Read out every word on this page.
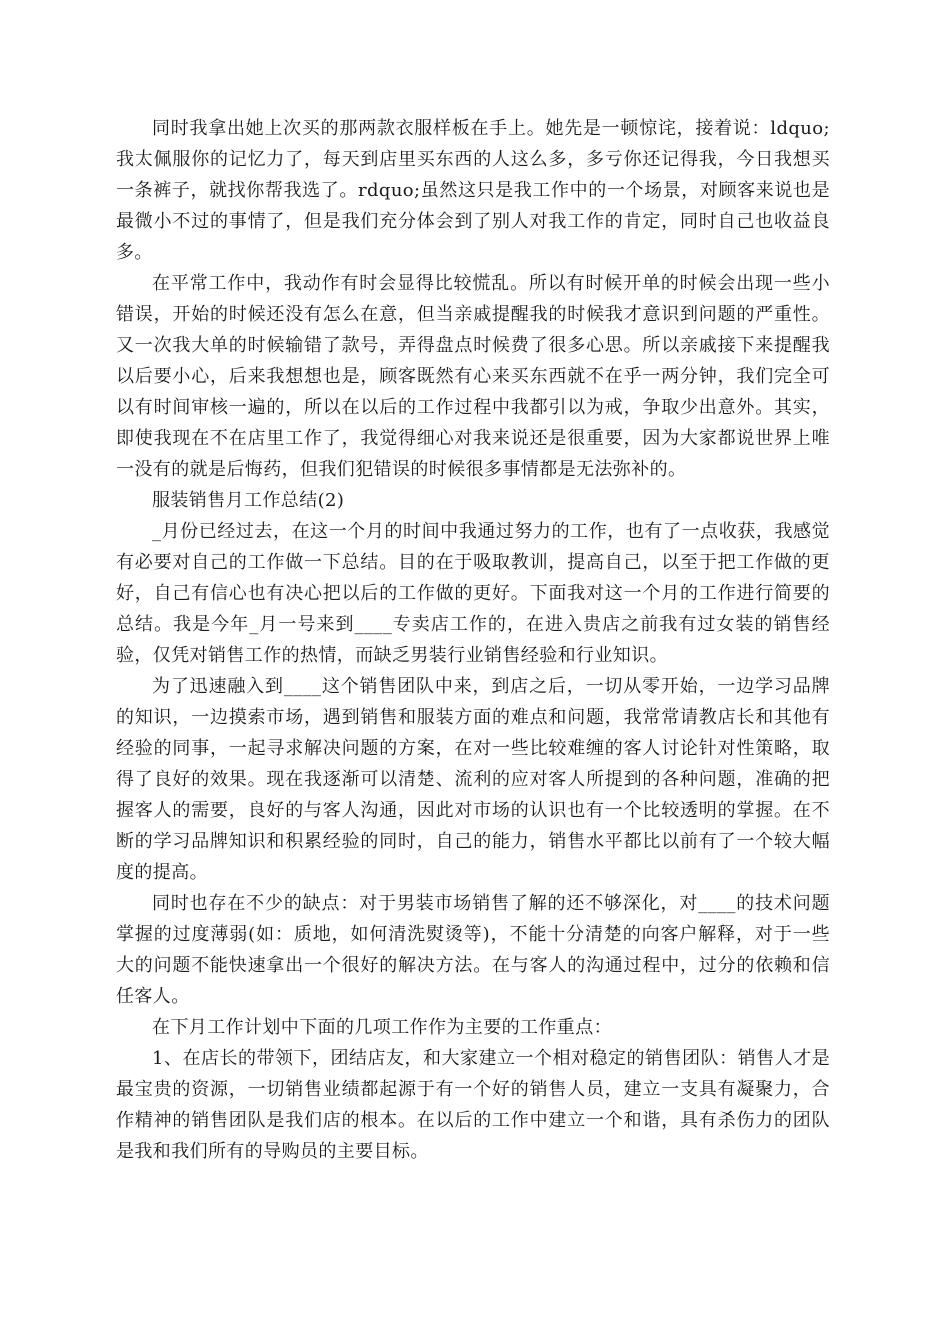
同时我拿出她上次买的那两款衣服样板在手上。她先是一顿惊诧，接着说：ldquo;我太佩服你的记忆力了，每天到店里买东西的人这么多，多亏你还记得我，今日我想买一条裤子，就找你帮我选了。rdquo;虽然这只是我工作中的一个场景，对顾客来说也是最微小不过的事情了，但是我们充分体会到了别人对我工作的肯定，同时自己也收益良多。

在平常工作中，我动作有时会显得比较慌乱。所以有时候开单的时候会出现一些小错误，开始的时候还没有怎么在意，但当亲戚提醒我的时候我才意识到问题的严重性。又一次我大单的时候输错了款号，弄得盘点时候费了很多心思。所以亲戚接下来提醒我以后要小心，后来我想想也是，顾客既然有心来买东西就不在乎一两分钟，我们完全可以有时间审核一遍的，所以在以后的工作过程中我都引以为戒，争取少出意外。其实，即使我现在不在店里工作了，我觉得细心对我来说还是很重要，因为大家都说世界上唯一没有的就是后悔药，但我们犯错误的时候很多事情都是无法弥补的。

服装销售月工作总结(2)

_月份已经过去，在这一个月的时间中我通过努力的工作，也有了一点收获，我感觉有必要对自己的工作做一下总结。目的在于吸取教训，提高自己，以至于把工作做的更好，自己有信心也有决心把以后的工作做的更好。下面我对这一个月的工作进行简要的总结。我是今年_月一号来到____专卖店工作的，在进入贵店之前我有过女装的销售经验，仅凭对销售工作的热情，而缺乏男装行业销售经验和行业知识。

为了迅速融入到____这个销售团队中来，到店之后，一切从零开始，一边学习品牌的知识，一边摸索市场，遇到销售和服装方面的难点和问题，我常常请教店长和其他有经验的同事，一起寻求解决问题的方案，在对一些比较难缠的客人讨论针对性策略，取得了良好的效果。现在我逐渐可以清楚、流利的应对客人所提到的各种问题，准确的把握客人的需要，良好的与客人沟通，因此对市场的认识也有一个比较透明的掌握。在不断的学习品牌知识和积累经验的同时，自己的能力，销售水平都比以前有了一个较大幅度的提高。

同时也存在不少的缺点：对于男装市场销售了解的还不够深化，对____的技术问题掌握的过度薄弱(如：质地，如何清洗熨烫等)，不能十分清楚的向客户解释，对于一些大的问题不能快速拿出一个很好的解决方法。在与客人的沟通过程中，过分的依赖和信任客人。

在下月工作计划中下面的几项工作作为主要的工作重点：

1、在店长的带领下，团结店友，和大家建立一个相对稳定的销售团队：销售人才是最宝贵的资源，一切销售业绩都起源于有一个好的销售人员，建立一支具有凝聚力，合作精神的销售团队是我们店的根本。在以后的工作中建立一个和谐，具有杀伤力的团队是我和我们所有的导购员的主要目标。
